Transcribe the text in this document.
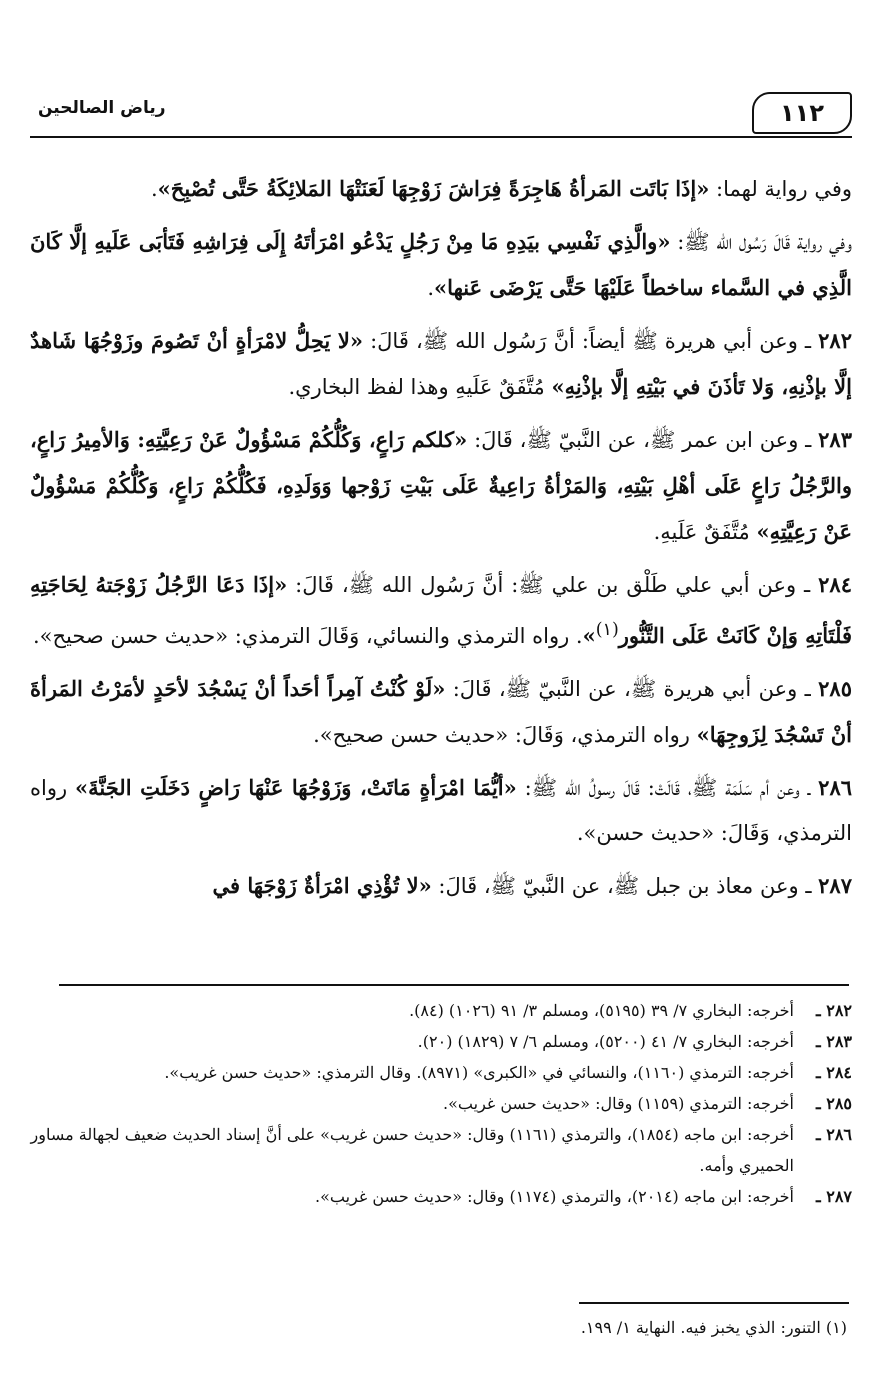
١١٢
رياض الصالحين

وفي رواية لهما: «إذَا بَاتَت المَرأةُ هَاجِرَةً فِرَاشَ زَوْجِهَا لَعَنَتْهَا المَلائِكَةُ حَتَّى تُصْبِحَ».

وفي رواية قَالَ رَسُول الله ﷺ: «والَّذِي نَفْسِي بيَدِهِ مَا مِنْ رَجُلٍ يَدْعُو امْرَأتَهُ إِلَى فِرَاشِهِ فَتَأبَى عَلَيهِ إلَّا كَانَ الَّذِي في السَّماء ساخطاً عَلَيْهَا حَتَّى يَرْضَى عَنها».

٢٨٢ ـ وعن أبي هريرة ﷺ أيضاً: أنَّ رَسُول الله ﷺ، قَالَ: «لا يَحِلُّ لامْرَأةٍ أنْ تَصُومَ وزَوْجُهَا شَاهدٌ إلَّا بإذْنِهِ، وَلا تَأذَنَ في بَيْتِهِ إلَّا بإذْنِهِ» مُتَّفَقٌ عَلَيهِ وهذا لفظ البخاري.

٢٨٣ ـ وعن ابن عمر ﷺ، عن النَّبيّ ﷺ، قَالَ: «كلكم رَاعٍ، وَكُلُّكُمْ مَسْؤُولٌ عَنْ رَعِيَّتِهِ: وَالأمِيرُ رَاعٍ، والرَّجُلُ رَاعٍ عَلَى أهْلِ بَيْتِهِ، وَالمَرْأةُ رَاعِيةٌ عَلَى بَيْتِ زَوْجها وَوَلَدِهِ، فَكُلُّكُمْ رَاعٍ، وَكُلُّكُمْ مَسْؤُولٌ عَنْ رَعِيَّتِهِ» مُتَّفَقٌ عَلَيهِ.

٢٨٤ ـ وعن أبي علي طَلْق بن علي ﷺ: أنَّ رَسُول الله ﷺ، قَالَ: «إذَا دَعَا الرَّجُلُ زَوْجَتهُ لِحَاجَتِهِ فَلْتَأتِهِ وَإنْ كَانَتْ عَلَى التَّنُّور$^{(١)}$». رواه الترمذي والنسائي، وَقَالَ الترمذي: «حديث حسن صحيح».

٢٨٥ ـ وعن أبي هريرة ﷺ، عن النَّبيّ ﷺ، قَالَ: «لَوْ كُنْتُ آمِراً أحَداً أنْ يَسْجُدَ لأحَدٍ لأمَرْتُ المَرأةَ أنْ تَسْجُدَ لِزَوجِهَا» رواه الترمذي، وَقَالَ: «حديث حسن صحيح».

٢٨٦ ـ وعن أم سَلَمَة ﷺ، قَالَتْ: قَالَ رسولُ الله ﷺ: «أيُّمَا امْرَأةٍ مَاتَتْ، وَزَوْجُهَا عَنْهَا رَاضٍ دَخَلَتِ الجَنَّةَ» رواه الترمذي، وَقَالَ: «حديث حسن».

٢٨٧ ـ وعن معاذ بن جبل ﷺ، عن النَّبيّ ﷺ، قَالَ: «لا تُؤْذِي امْرَأةٌ زَوْجَهَا في

٢٨٢ ـ
أخرجه: البخاري ٧/ ٣٩ (٥١٩٥)، ومسلم ٣/ ٩١ (١٠٢٦) (٨٤).
٢٨٣ ـ
أخرجه: البخاري ٧/ ٤١ (٥٢٠٠)، ومسلم ٦/ ٧ (١٨٢٩) (٢٠).
٢٨٤ ـ
أخرجه: الترمذي (١١٦٠)، والنسائي في «الكبرى» (٨٩٧١). وقال الترمذي: «حديث حسن غريب».
٢٨٥ ـ
أخرجه: الترمذي (١١٥٩) وقال: «حديث حسن غريب».
٢٨٦ ـ
أخرجه: ابن ماجه (١٨٥٤)، والترمذي (١١٦١) وقال: «حديث حسن غريب» على أنَّ إسناد الحديث ضعيف لجهالة مساور الحميري وأمه.
٢٨٧ ـ
أخرجه: ابن ماجه (٢٠١٤)، والترمذي (١١٧٤) وقال: «حديث حسن غريب».
(١) التنور: الذي يخبز فيه. النهاية ١/ ١٩٩.
